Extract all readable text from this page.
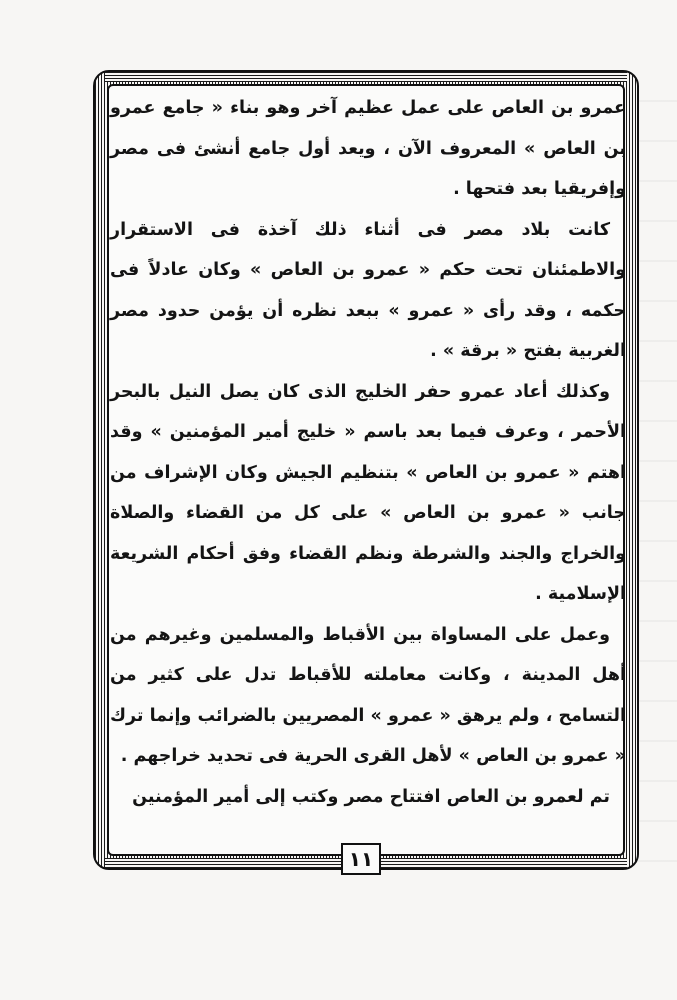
عمرو بن العاص على عمل عظيم آخر وهو بناء « جامع عمرو بن العاص » المعروف الآن ، ويعد أول جامع أنشئ فى مصر وإفريقيا بعد فتحها .

كانت بلاد مصر فى أثناء ذلك آخذة فى الاستقرار والاطمئنان تحت حكم « عمرو بن العاص » وكان عادلاً فى حكمه ، وقد رأى « عمرو » ببعد نظره أن يؤمن حدود مصر الغربية بفتح « برقة » .

وكذلك أعاد عمرو حفر الخليج الذى كان يصل النيل بالبحر الأحمر ، وعرف فيما بعد باسم « خليج أمير المؤمنين » وقد اهتم « عمرو بن العاص » بتنظيم الجيش وكان الإشراف من جانب « عمرو بن العاص » على كل من القضاء والصلاة والخراج والجند والشرطة ونظم القضاء وفق أحكام الشريعة الإسلامية .

وعمل على المساواة بين الأقباط والمسلمين وغيرهم من أهل المدينة ، وكانت معاملته للأقباط تدل على كثير من التسامح ، ولم يرهق « عمرو » المصريين بالضرائب وإنما ترك « عمرو بن العاص » لأهل القرى الحرية فى تحديد خراجهم .

تم لعمرو بن العاص افتتاح مصر وكتب إلى أمير المؤمنين

١١
